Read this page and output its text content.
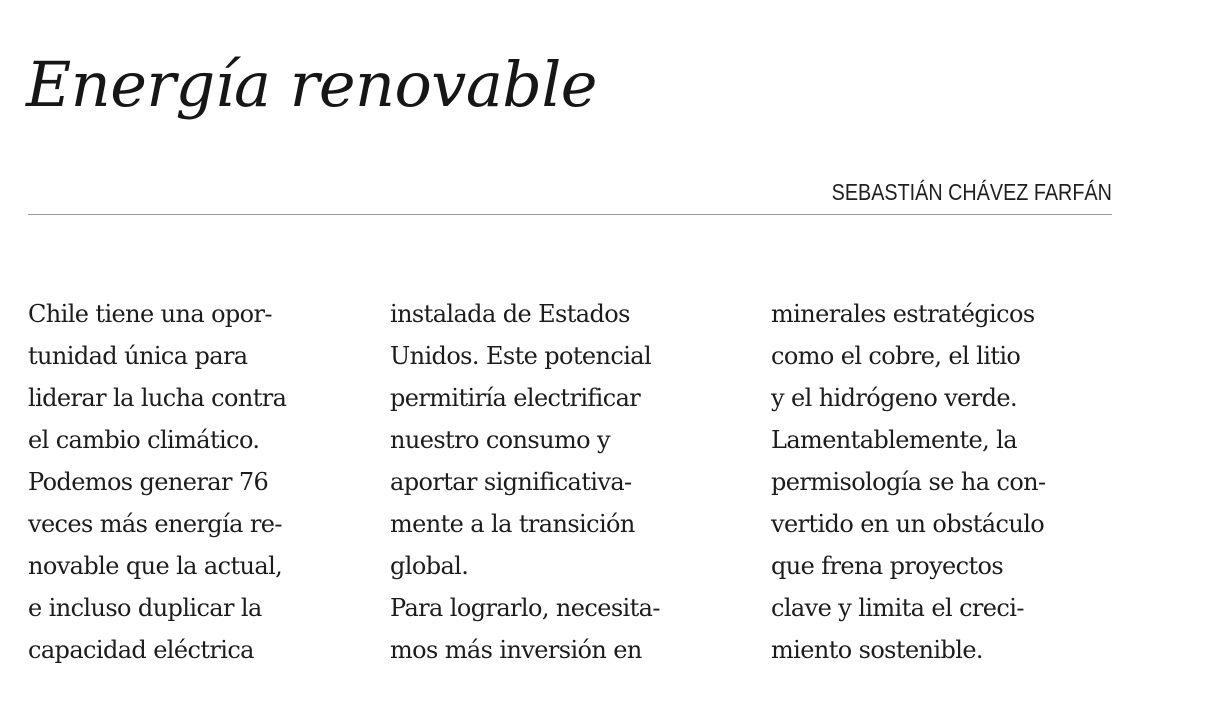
Energía renovable
SEBASTIÁN CHÁVEZ FARFÁN
Chile tiene una opor-
tunidad única para
liderar la lucha contra
el cambio climático.
Podemos generar 76
veces más energía re-
novable que la actual,
e incluso duplicar la
capacidad eléctrica
instalada de Estados
Unidos. Este potencial
permitiría electrificar
nuestro consumo y
aportar significativa-
mente a la transición
global.
Para lograrlo, necesita-
mos más inversión en
minerales estratégicos
como el cobre, el litio
y el hidrógeno verde.
Lamentablemente, la
permisología se ha con-
vertido en un obstáculo
que frena proyectos
clave y limita el creci-
miento sostenible.
